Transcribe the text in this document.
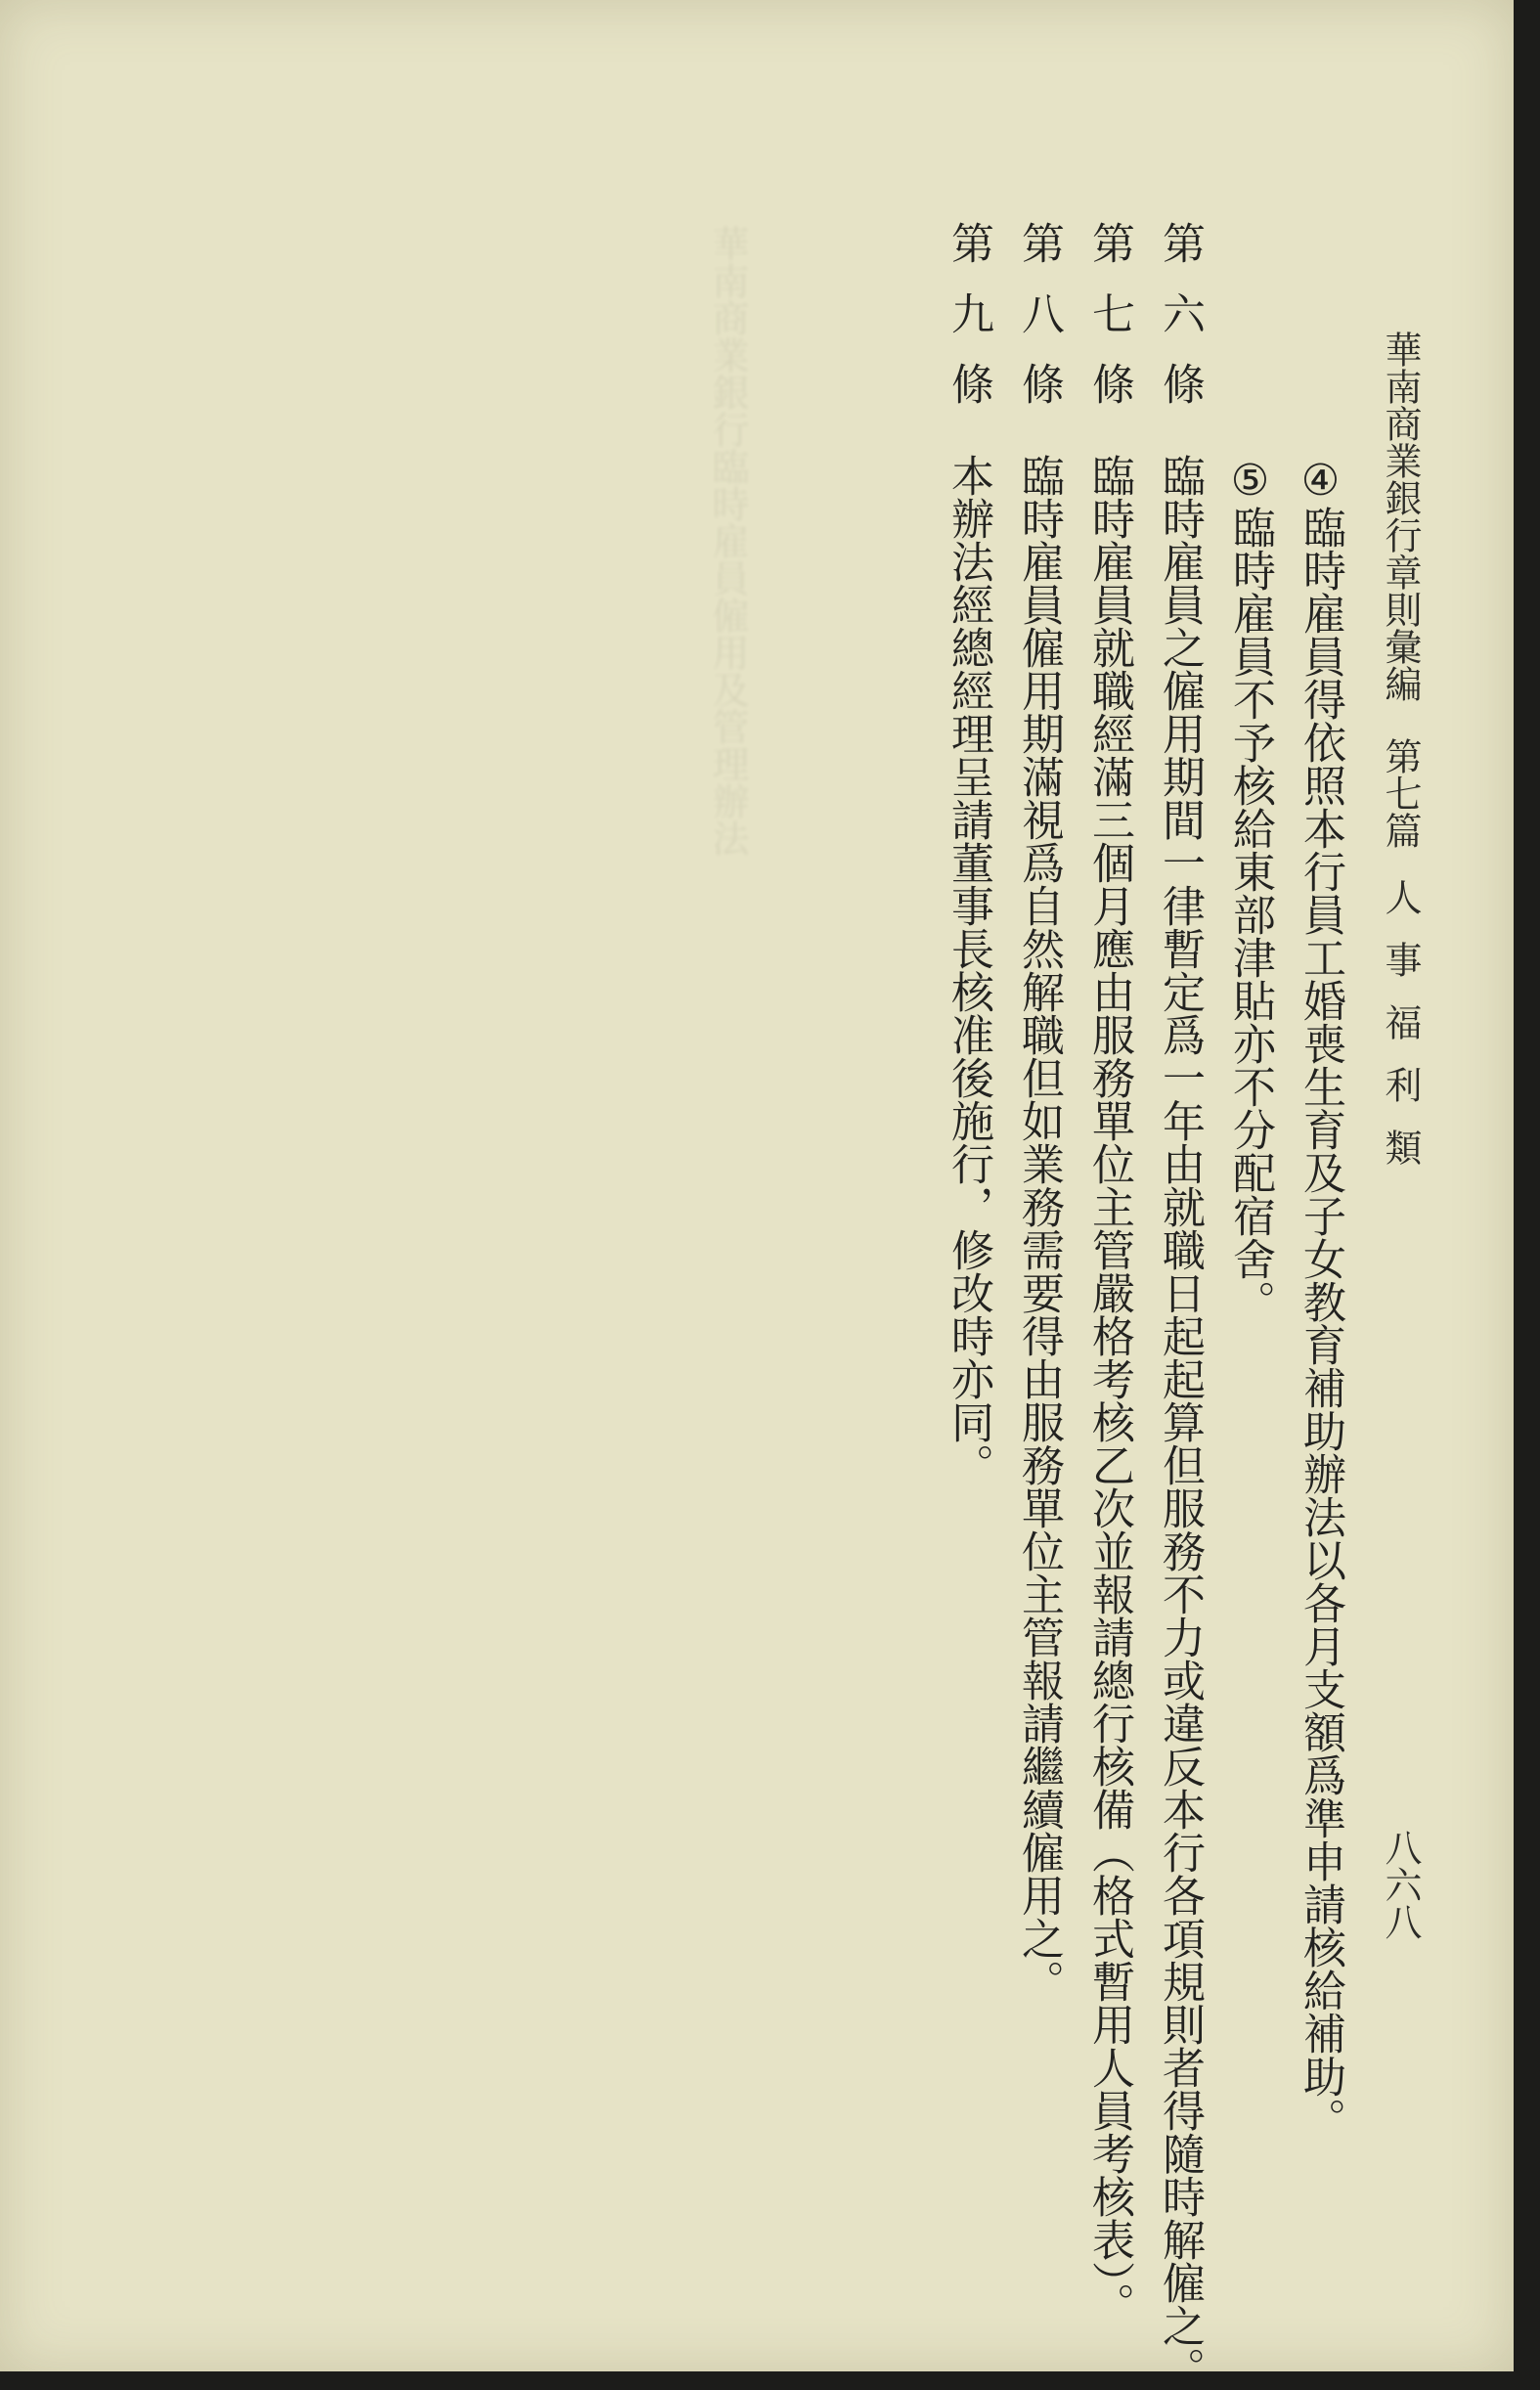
華南商業銀行臨時雇員僱用及管理辦法	華南商業銀行章則彙編第七篇人事福利類
八六八
④臨時雇員得依照本行員工婚喪生育及子女教育補助辦法以各月支額爲準申請核給補助。
⑤臨時雇員不予核給東部津貼亦不分配宿舍。
第六條臨時雇員之僱用期間一律暫定爲一年由就職日起起算但服務不力或違反本行各項規則者得隨時解僱之。
第七條臨時雇員就職經滿三個月應由服務單位主管嚴格考核乙次並報請總行核備（格式暫用人員考核表）。
第八條臨時雇員僱用期滿視爲自然解職但如業務需要得由服務單位主管報請繼續僱用之。
第九條本辦法經總經理呈請董事長核准後施行，修改時亦同。
